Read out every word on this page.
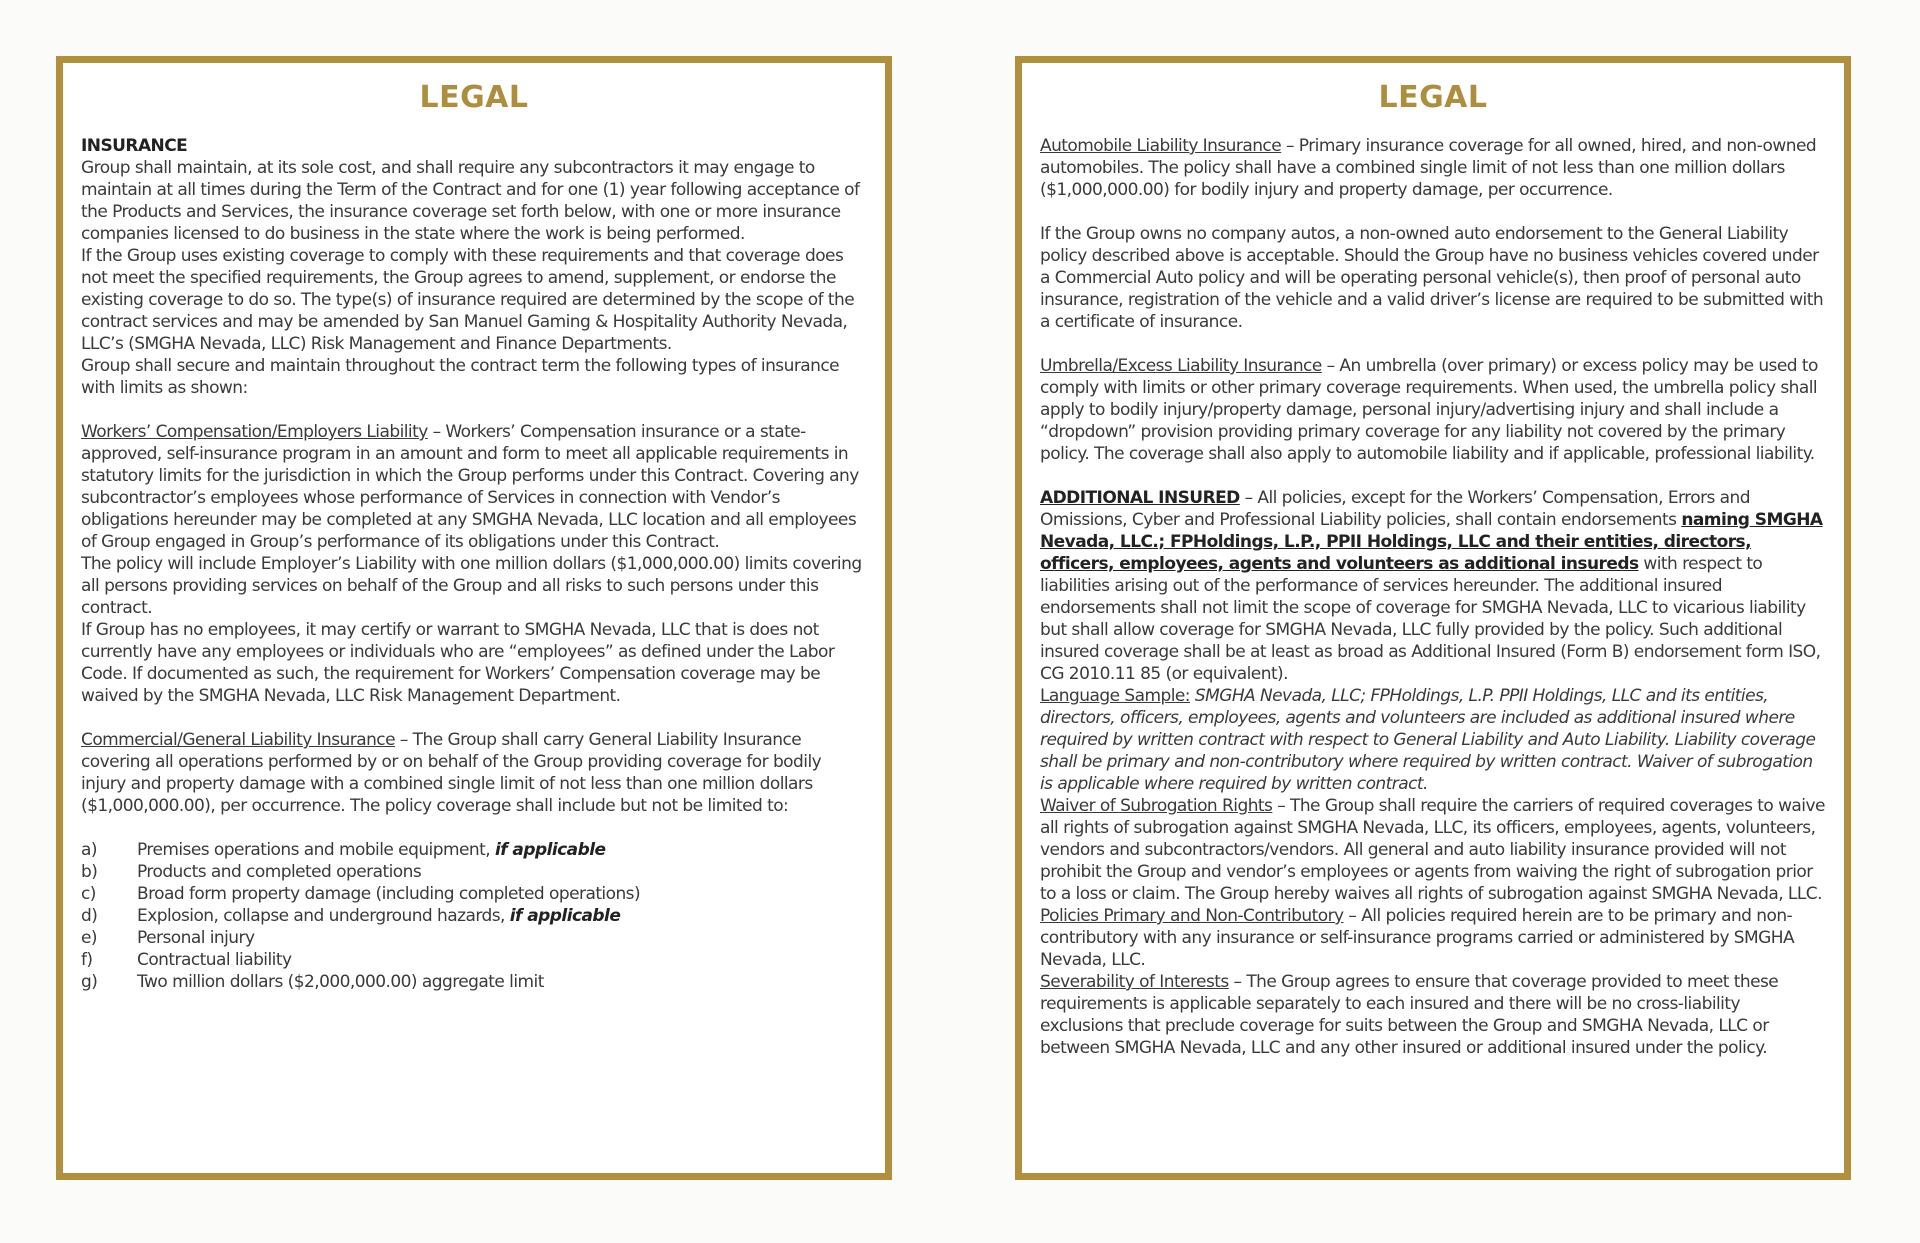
LEGAL
INSURANCE

Group shall maintain, at its sole cost, and shall require any subcontractors it may engage to maintain at all times during the Term of the Contract and for one (1) year following acceptance of the Products and Services, the insurance coverage set forth below, with one or more insurance companies licensed to do business in the state where the work is being performed.

If the Group uses existing coverage to comply with these requirements and that coverage does not meet the specified requirements, the Group agrees to amend, supplement, or endorse the existing coverage to do so. The type(s) of insurance required are determined by the scope of the contract services and may be amended by San Manuel Gaming & Hospitality Authority Nevada, LLC’s (SMGHA Nevada, LLC) Risk Management and Finance Departments.

Group shall secure and maintain throughout the contract term the following types of insurance with limits as shown:

Workers’ Compensation/Employers Liability – Workers’ Compensation insurance or a state-approved, self-insurance program in an amount and form to meet all applicable requirements in statutory limits for the jurisdiction in which the Group performs under this Contract. Covering any subcontractor’s employees whose performance of Services in connection with Vendor’s obligations hereunder may be completed at any SMGHA Nevada, LLC location and all employees of Group engaged in Group’s performance of its obligations under this Contract.

The policy will include Employer’s Liability with one million dollars ($1,000,000.00) limits covering all persons providing services on behalf of the Group and all risks to such persons under this contract.

If Group has no employees, it may certify or warrant to SMGHA Nevada, LLC that is does not currently have any employees or individuals who are “employees” as defined under the Labor Code. If documented as such, the requirement for Workers’ Compensation coverage may be waived by the SMGHA Nevada, LLC Risk Management Department.

Commercial/General Liability Insurance – The Group shall carry General Liability Insurance covering all operations performed by or on behalf of the Group providing coverage for bodily injury and property damage with a combined single limit of not less than one million dollars ($1,000,000.00), per occurrence. The policy coverage shall include but not be limited to:

a)	Premises operations and mobile equipment, if applicable
b)	Products and completed operations
c)	Broad form property damage (including completed operations)
d)	Explosion, collapse and underground hazards, if applicable
e)	Personal injury
f)	Contractual liability
g)	Two million dollars ($2,000,000.00) aggregate limit
LEGAL

Automobile Liability Insurance – Primary insurance coverage for all owned, hired, and non-owned automobiles. The policy shall have a combined single limit of not less than one million dollars ($1,000,000.00) for bodily injury and property damage, per occurrence.

If the Group owns no company autos, a non-owned auto endorsement to the General Liability policy described above is acceptable. Should the Group have no business vehicles covered under a Commercial Auto policy and will be operating personal vehicle(s), then proof of personal auto insurance, registration of the vehicle and a valid driver’s license are required to be submitted with a certificate of insurance.

Umbrella/Excess Liability Insurance – An umbrella (over primary) or excess policy may be used to comply with limits or other primary coverage requirements. When used, the umbrella policy shall apply to bodily injury/property damage, personal injury/advertising injury and shall include a “dropdown” provision providing primary coverage for any liability not covered by the primary policy. The coverage shall also apply to automobile liability and if applicable, professional liability.

ADDITIONAL INSURED – All policies, except for the Workers’ Compensation, Errors and Omissions, Cyber and Professional Liability policies, shall contain endorsements naming SMGHA Nevada, LLC.; FPHoldings, L.P., PPII Holdings, LLC and their entities, directors, officers, employees, agents and volunteers as additional insureds with respect to liabilities arising out of the performance of services hereunder. The additional insured endorsements shall not limit the scope of coverage for SMGHA Nevada, LLC to vicarious liability but shall allow coverage for SMGHA Nevada, LLC fully provided by the policy. Such additional insured coverage shall be at least as broad as Additional Insured (Form B) endorsement form ISO, CG 2010.11 85 (or equivalent).

Language Sample: SMGHA Nevada, LLC; FPHoldings, L.P. PPII Holdings, LLC and its entities, directors, officers, employees, agents and volunteers are included as additional insured where required by written contract with respect to General Liability and Auto Liability. Liability coverage shall be primary and non-contributory where required by written contract. Waiver of subrogation is applicable where required by written contract.

Waiver of Subrogation Rights – The Group shall require the carriers of required coverages to waive all rights of subrogation against SMGHA Nevada, LLC, its officers, employees, agents, volunteers, vendors and subcontractors/vendors. All general and auto liability insurance provided will not prohibit the Group and vendor’s employees or agents from waiving the right of subrogation prior to a loss or claim. The Group hereby waives all rights of subrogation against SMGHA Nevada, LLC.

Policies Primary and Non-Contributory – All policies required herein are to be primary and non-contributory with any insurance or self-insurance programs carried or administered by SMGHA Nevada, LLC.

Severability of Interests – The Group agrees to ensure that coverage provided to meet these requirements is applicable separately to each insured and there will be no cross-liability exclusions that preclude coverage for suits between the Group and SMGHA Nevada, LLC or between SMGHA Nevada, LLC and any other insured or additional insured under the policy.
